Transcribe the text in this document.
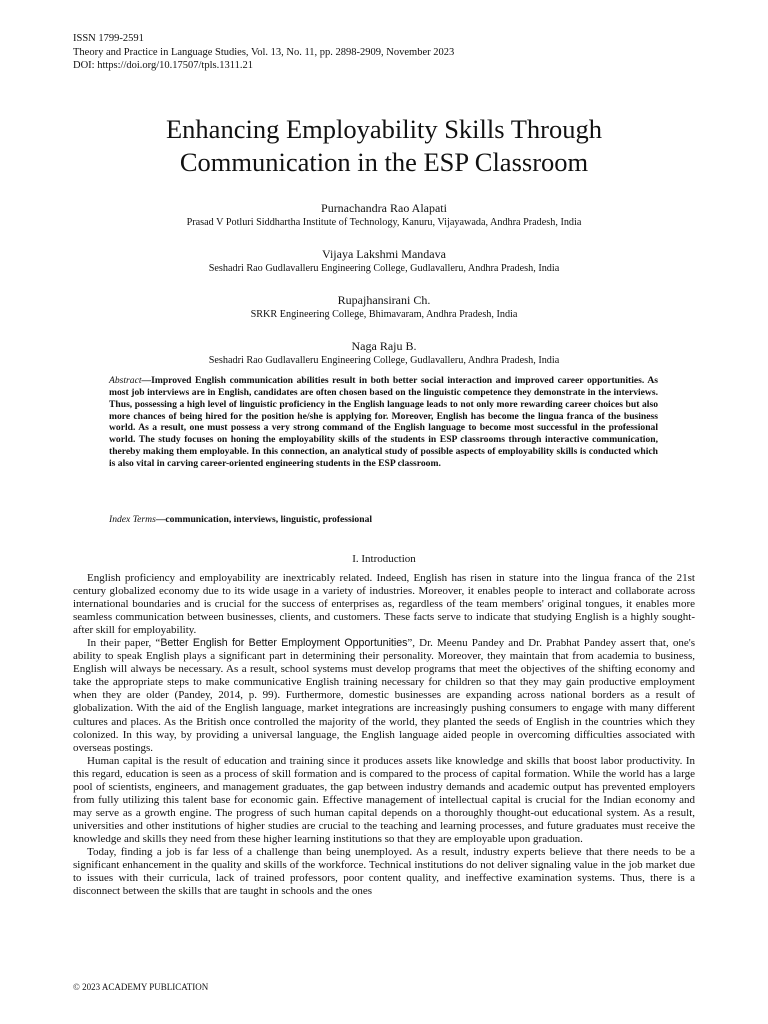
ISSN 1799-2591
Theory and Practice in Language Studies, Vol. 13, No. 11, pp. 2898-2909, November 2023
DOI: https://doi.org/10.17507/tpls.1311.21
Enhancing Employability Skills Through
Communication in the ESP Classroom
Purnachandra Rao Alapati
Prasad V Potluri Siddhartha Institute of Technology, Kanuru, Vijayawada, Andhra Pradesh, India
Vijaya Lakshmi Mandava
Seshadri Rao Gudlavalleru Engineering College, Gudlavalleru, Andhra Pradesh, India
Rupajhansirani Ch.
SRKR Engineering College, Bhimavaram, Andhra Pradesh, India
Naga Raju B.
Seshadri Rao Gudlavalleru Engineering College, Gudlavalleru, Andhra Pradesh, India
Abstract—Improved English communication abilities result in both better social interaction and improved career opportunities. As most job interviews are in English, candidates are often chosen based on the linguistic competence they demonstrate in the interviews. Thus, possessing a high level of linguistic proficiency in the English language leads to not only more rewarding career choices but also more chances of being hired for the position he/she is applying for. Moreover, English has become the lingua franca of the business world. As a result, one must possess a very strong command of the English language to become most successful in the professional world. The study focuses on honing the employability skills of the students in ESP classrooms through interactive communication, thereby making them employable. In this connection, an analytical study of possible aspects of employability skills is conducted which is also vital in carving career-oriented engineering students in the ESP classroom.
Index Terms—communication, interviews, linguistic, professional
I. Introduction

English proficiency and employability are inextricably related. Indeed, English has risen in stature into the lingua franca of the 21st century globalized economy due to its wide usage in a variety of industries. Moreover, it enables people to interact and collaborate across international boundaries and is crucial for the success of enterprises as, regardless of the team members' original tongues, it enables more seamless communication between businesses, clients, and customers. These facts serve to indicate that studying English is a highly sought-after skill for employability.

In their paper, “Better English for Better Employment Opportunities”, Dr. Meenu Pandey and Dr. Prabhat Pandey assert that, one's ability to speak English plays a significant part in determining their personality. Moreover, they maintain that from academia to business, English will always be necessary. As a result, school systems must develop programs that meet the objectives of the shifting economy and take the appropriate steps to make communicative English training necessary for children so that they may gain productive employment when they are older (Pandey, 2014, p. 99). Furthermore, domestic businesses are expanding across national borders as a result of globalization. With the aid of the English language, market integrations are increasingly pushing consumers to engage with many different cultures and places. As the British once controlled the majority of the world, they planted the seeds of English in the countries which they colonized. In this way, by providing a universal language, the English language aided people in overcoming difficulties associated with overseas postings.

Human capital is the result of education and training since it produces assets like knowledge and skills that boost labor productivity. In this regard, education is seen as a process of skill formation and is compared to the process of capital formation. While the world has a large pool of scientists, engineers, and management graduates, the gap between industry demands and academic output has prevented employers from fully utilizing this talent base for economic gain. Effective management of intellectual capital is crucial for the Indian economy and may serve as a growth engine. The progress of such human capital depends on a thoroughly thought-out educational system. As a result, universities and other institutions of higher studies are crucial to the teaching and learning processes, and future graduates must receive the knowledge and skills they need from these higher learning institutions so that they are employable upon graduation.

Today, finding a job is far less of a challenge than being unemployed. As a result, industry experts believe that there needs to be a significant enhancement in the quality and skills of the workforce. Technical institutions do not deliver signaling value in the job market due to issues with their curricula, lack of trained professors, poor content quality, and ineffective examination systems. Thus, there is a disconnect between the skills that are taught in schools and the ones

© 2023 ACADEMY PUBLICATION
